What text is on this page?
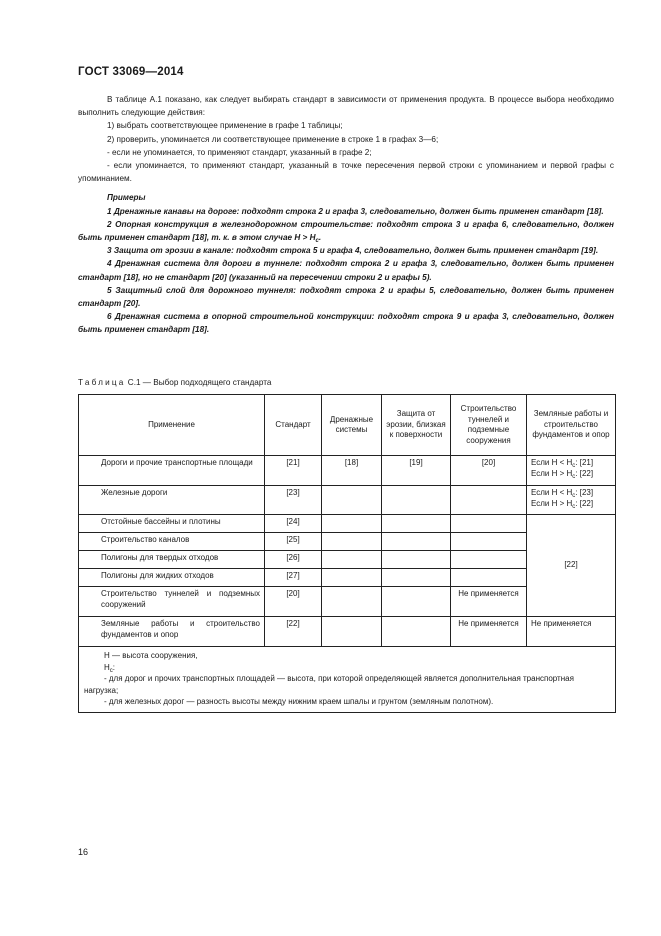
ГОСТ 33069—2014

В таблице А.1 показано, как следует выбирать стандарт в зависимости от применения продукта. В процессе выбора необходимо выполнить следующие действия:

1) выбрать соответствующее применение в графе 1 таблицы;

2) проверить, упоминается ли соответствующее применение в строке 1 в графах 3—6;

- если не упоминается, то применяют стандарт, указанный в графе 2;

- если упоминается, то применяют стандарт, указанный в точке пересечения первой строки с упоминанием и первой графы с упоминанием.

Примеры

1 Дренажные канавы на дороге: подходят строка 2 и графа 3, следовательно, должен быть применен стандарт [18].

2 Опорная конструкция в железнодорожном строительстве: подходят строка 3 и графа 6, следовательно, должен быть применен стандарт [18], т. к. в этом случае $H > H_c$.

3 Защита от эрозии в канале: подходят строка 5 и графа 4, следовательно, должен быть применен стандарт [19].

4 Дренажная система для дороги в туннеле: подходят строка 2 и графа 3, следовательно, должен быть применен стандарт [18], но не стандарт [20] (указанный на пересечении строки 2 и графы 5).

5 Защитный слой для дорожного туннеля: подходят строка 2 и графы 5, следовательно, должен быть применен стандарт [20].

6 Дренажная система в опорной строительной конструкции: подходят строка 9 и графа 3, следовательно, должен быть применен стандарт [18].

Таблица С.1 — Выбор подходящего стандарта
Применение	Стандарт	Дренажные системы	Защита от эрозии, близкая к поверхности	Строительство туннелей и подземные сооружения	Земляные работы и строительство фундаментов и опор
Дороги и прочие транспортные площади	[21]	[18]	[19]	[20]	Если $H < H_c$: [21]
Если $H > H_c$: [22]
Железные дороги	[23]				Если $H < H_c$: [23]
Если $H > H_c$: [22]
Отстойные бассейны и плотины	[24]				[22]
Строительство каналов	[25]				
Полигоны для твердых отходов	[26]				
Полигоны для жидких отходов	[27]				
Строительство туннелей и подземных сооружений	[20]			Не применяется	
Земляные работы и строительство фундаментов и опор	[22]			Не применяется	Не применяется

H — высота сооружения,
$H_c$:
- для дорог и прочих транспортных площадей — высота, при которой определяющей является дополнительная транспортная нагрузка;
- для железных дорог — разность высоты между нижним краем шпалы и грунтом (земляным полотном).					
16
